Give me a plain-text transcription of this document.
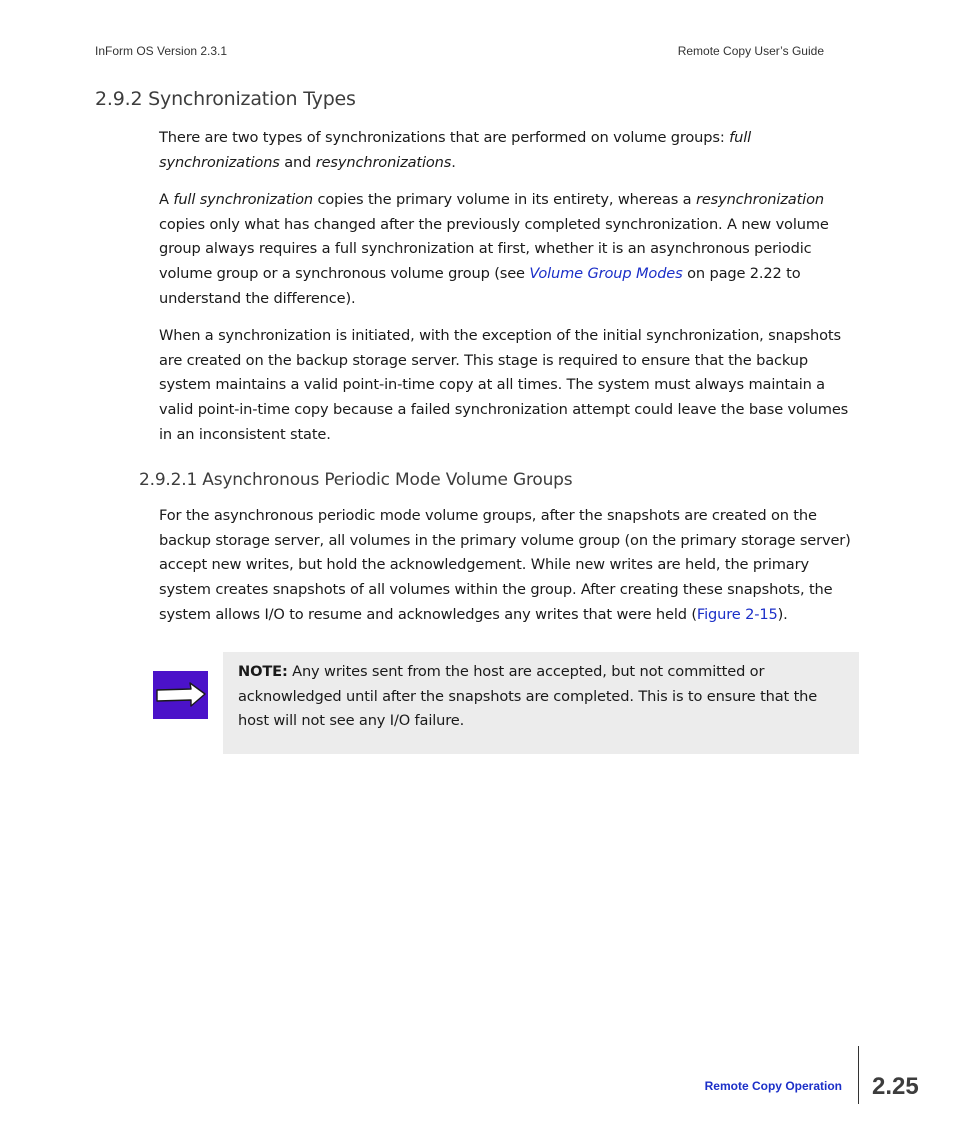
InForm OS Version 2.3.1	Remote Copy User’s Guide
2.9.2 Synchronization Types

There are two types of synchronizations that are performed on volume groups: full synchronizations and resynchronizations.

A full synchronization copies the primary volume in its entirety, whereas a resynchronization copies only what has changed after the previously completed synchronization. A new volume group always requires a full synchronization at first, whether it is an asynchronous periodic volume group or a synchronous volume group (see Volume Group Modes on page 2.22 to understand the difference).

When a synchronization is initiated, with the exception of the initial synchronization, snapshots are created on the backup storage server. This stage is required to ensure that the backup system maintains a valid point-in-time copy at all times. The system must always maintain a valid point-in-time copy because a failed synchronization attempt could leave the base volumes in an inconsistent state.

2.9.2.1 Asynchronous Periodic Mode Volume Groups

For the asynchronous periodic mode volume groups, after the snapshots are created on the backup storage server, all volumes in the primary volume group (on the primary storage server) accept new writes, but hold the acknowledgement. While new writes are held, the primary system creates snapshots of all volumes within the group. After creating these snapshots, the system allows I/O to resume and acknowledges any writes that were held (Figure 2-15).

NOTE: Any writes sent from the host are accepted, but not committed or acknowledged until after the snapshots are completed. This is to ensure that the host will not see any I/O failure.

Remote Copy Operation 2.25
